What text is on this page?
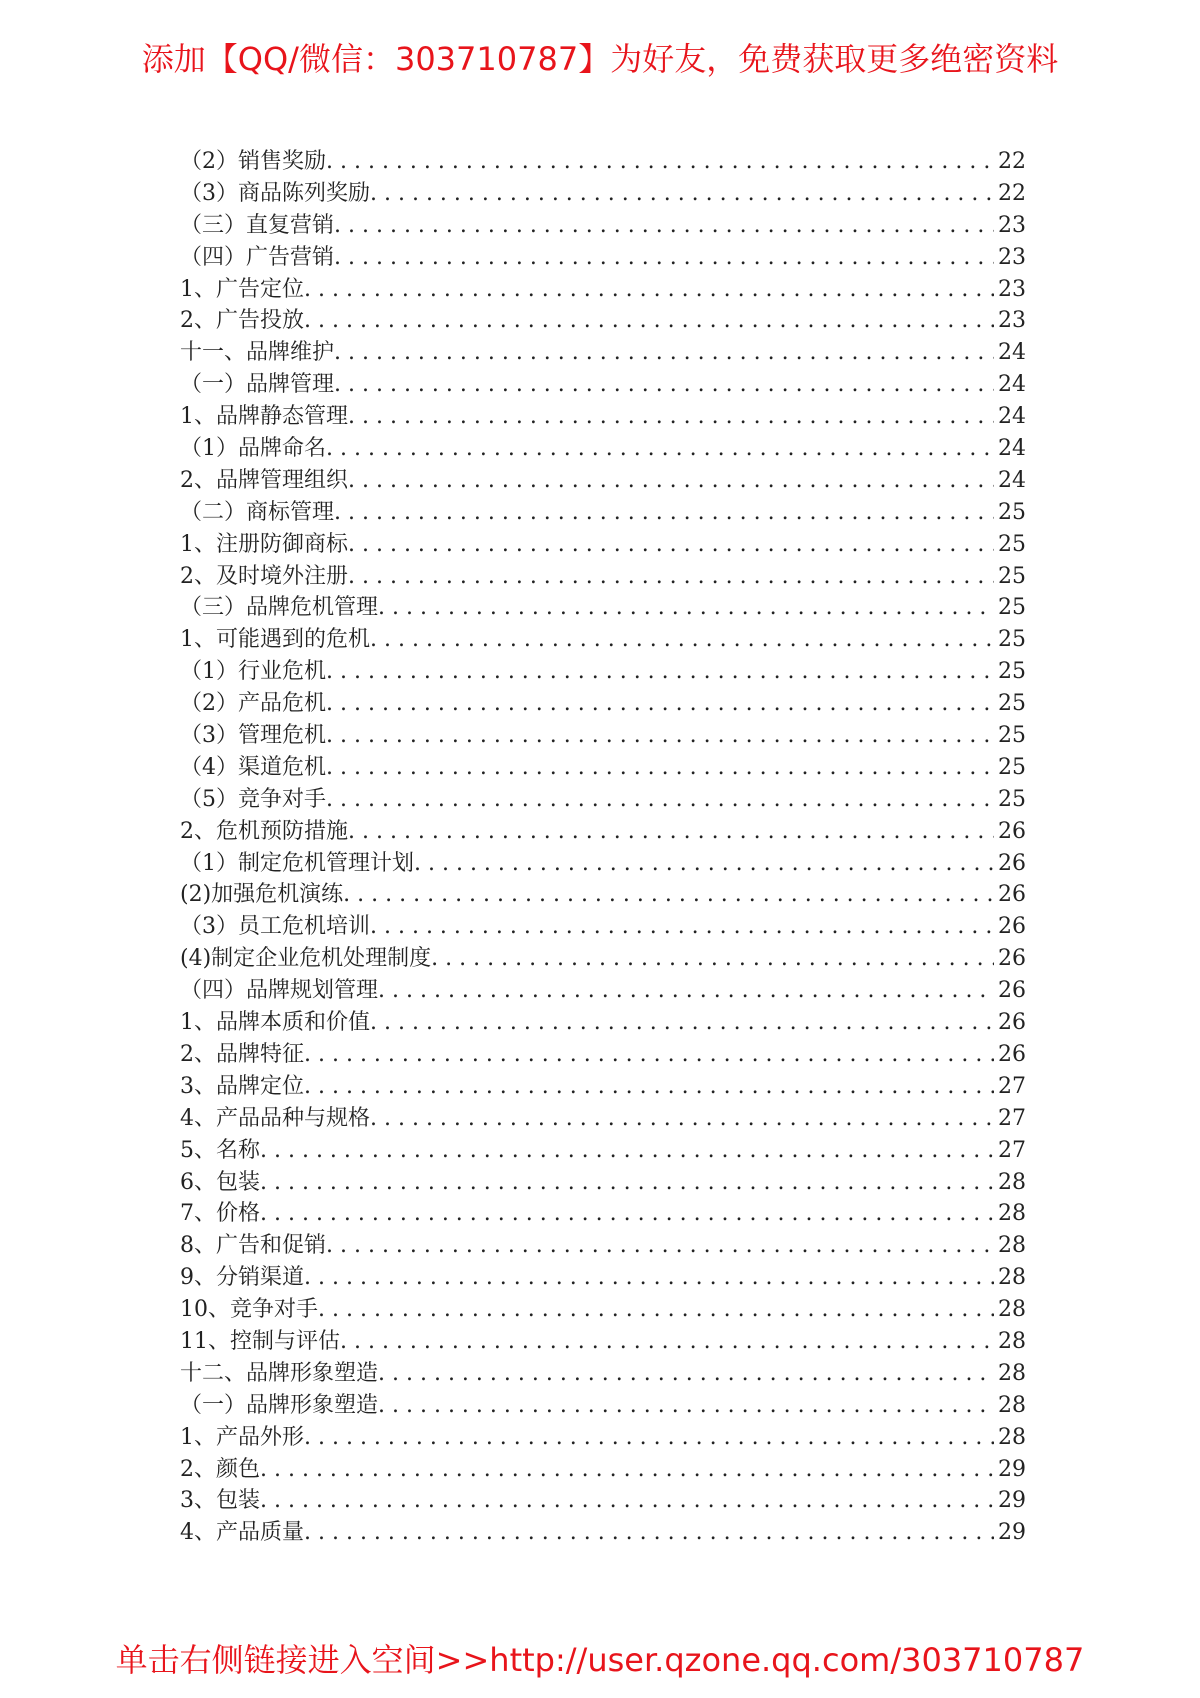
添加【QQ/微信：303710787】为好友，免费获取更多绝密资料
（2）销售奖励 . . .	22
（3）商品陈列奖励 . . .	22
（三）直复营销 . . .	23
（四）广告营销 . . .	23
1、广告定位 . . .	23
2、广告投放 . . .	23
十一、品牌维护 . . .	24
（一）品牌管理 . . .	24
1、品牌静态管理 . . .	24
（1）品牌命名 . . .	24
2、品牌管理组织 . . .	24
（二）商标管理 . . .	25
1、注册防御商标 . . .	25
2、及时境外注册 . . .	25
（三）品牌危机管理 . . .	25
1、可能遇到的危机 . . .	25
（1）行业危机 . . .	25
（2）产品危机 . . .	25
（3）管理危机 . . .	25
（4）渠道危机 . . .	25
（5）竞争对手 . . .	25
2、危机预防措施 . . .	26
（1）制定危机管理计划 . . .	26
(2)加强危机演练 . . .	26
（3）员工危机培训 . . .	26
(4)制定企业危机处理制度 . . .	26
（四）品牌规划管理 . . .	26
1、品牌本质和价值 . . .	26
2、品牌特征 . . .	26
3、品牌定位 . . .	27
4、产品品种与规格 . . .	27
5、名称 . . .	27
6、包装 . . .	28
7、价格 . . .	28
8、广告和促销 . . .	28
9、分销渠道 . . .	28
10、竞争对手 . . .	28
11、控制与评估 . . .	28
十二、品牌形象塑造 . . .	28
（一）品牌形象塑造 . . .	28
1、产品外形 . . .	28
2、颜色 . . .	29
3、包装 . . .	29
4、产品质量 . . .	29
单击右侧链接进入空间>>http://user.qzone.qq.com/303710787
